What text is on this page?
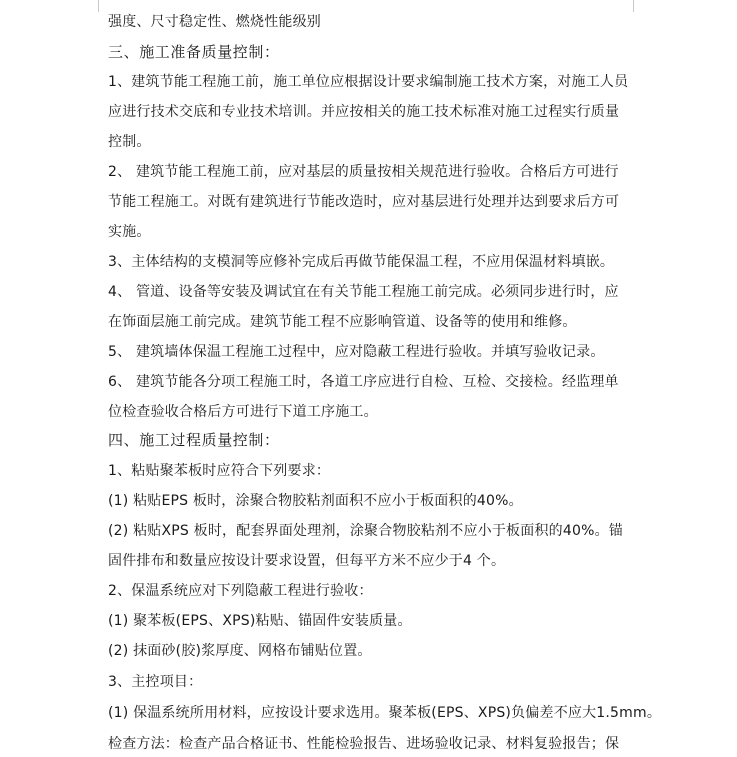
强度、尺寸稳定性、燃烧性能级别
三、施工准备质量控制：
1、建筑节能工程施工前，施工单位应根据设计要求编制施工技术方案，对施工人员
应进行技术交底和专业技术培训。并应按相关的施工技术标准对施工过程实行质量
控制。
2、 建筑节能工程施工前，应对基层的质量按相关规范进行验收。合格后方可进行
节能工程施工。对既有建筑进行节能改造时，应对基层进行处理并达到要求后方可
实施。
3、主体结构的支模洞等应修补完成后再做节能保温工程，不应用保温材料填嵌。
4、 管道、设备等安装及调试宜在有关节能工程施工前完成。必须同步进行时，应
在饰面层施工前完成。建筑节能工程不应影响管道、设备等的使用和维修。
5、 建筑墙体保温工程施工过程中，应对隐蔽工程进行验收。并填写验收记录。
6、 建筑节能各分项工程施工时，各道工序应进行自检、互检、交接检。经监理单
位检查验收合格后方可进行下道工序施工。
四、施工过程质量控制：
1、粘贴聚苯板时应符合下列要求：
(1) 粘贴EPS 板时，涂聚合物胶粘剂面积不应小于板面积的40%。
(2) 粘贴XPS 板时，配套界面处理剂，涂聚合物胶粘剂不应小于板面积的40%。锚
固件排布和数量应按设计要求设置，但每平方米不应少于4 个。
2、保温系统应对下列隐蔽工程进行验收：
(1) 聚苯板(EPS、XPS)粘贴、锚固件安装质量。
(2) 抹面砂(胶)浆厚度、网格布铺贴位置。
3、主控项目：
(1) 保温系统所用材料，应按设计要求选用。聚苯板(EPS、XPS)负偏差不应大1.5mm。
检查方法：检查产品合格证书、性能检验报告、进场验收记录、材料复验报告；保
